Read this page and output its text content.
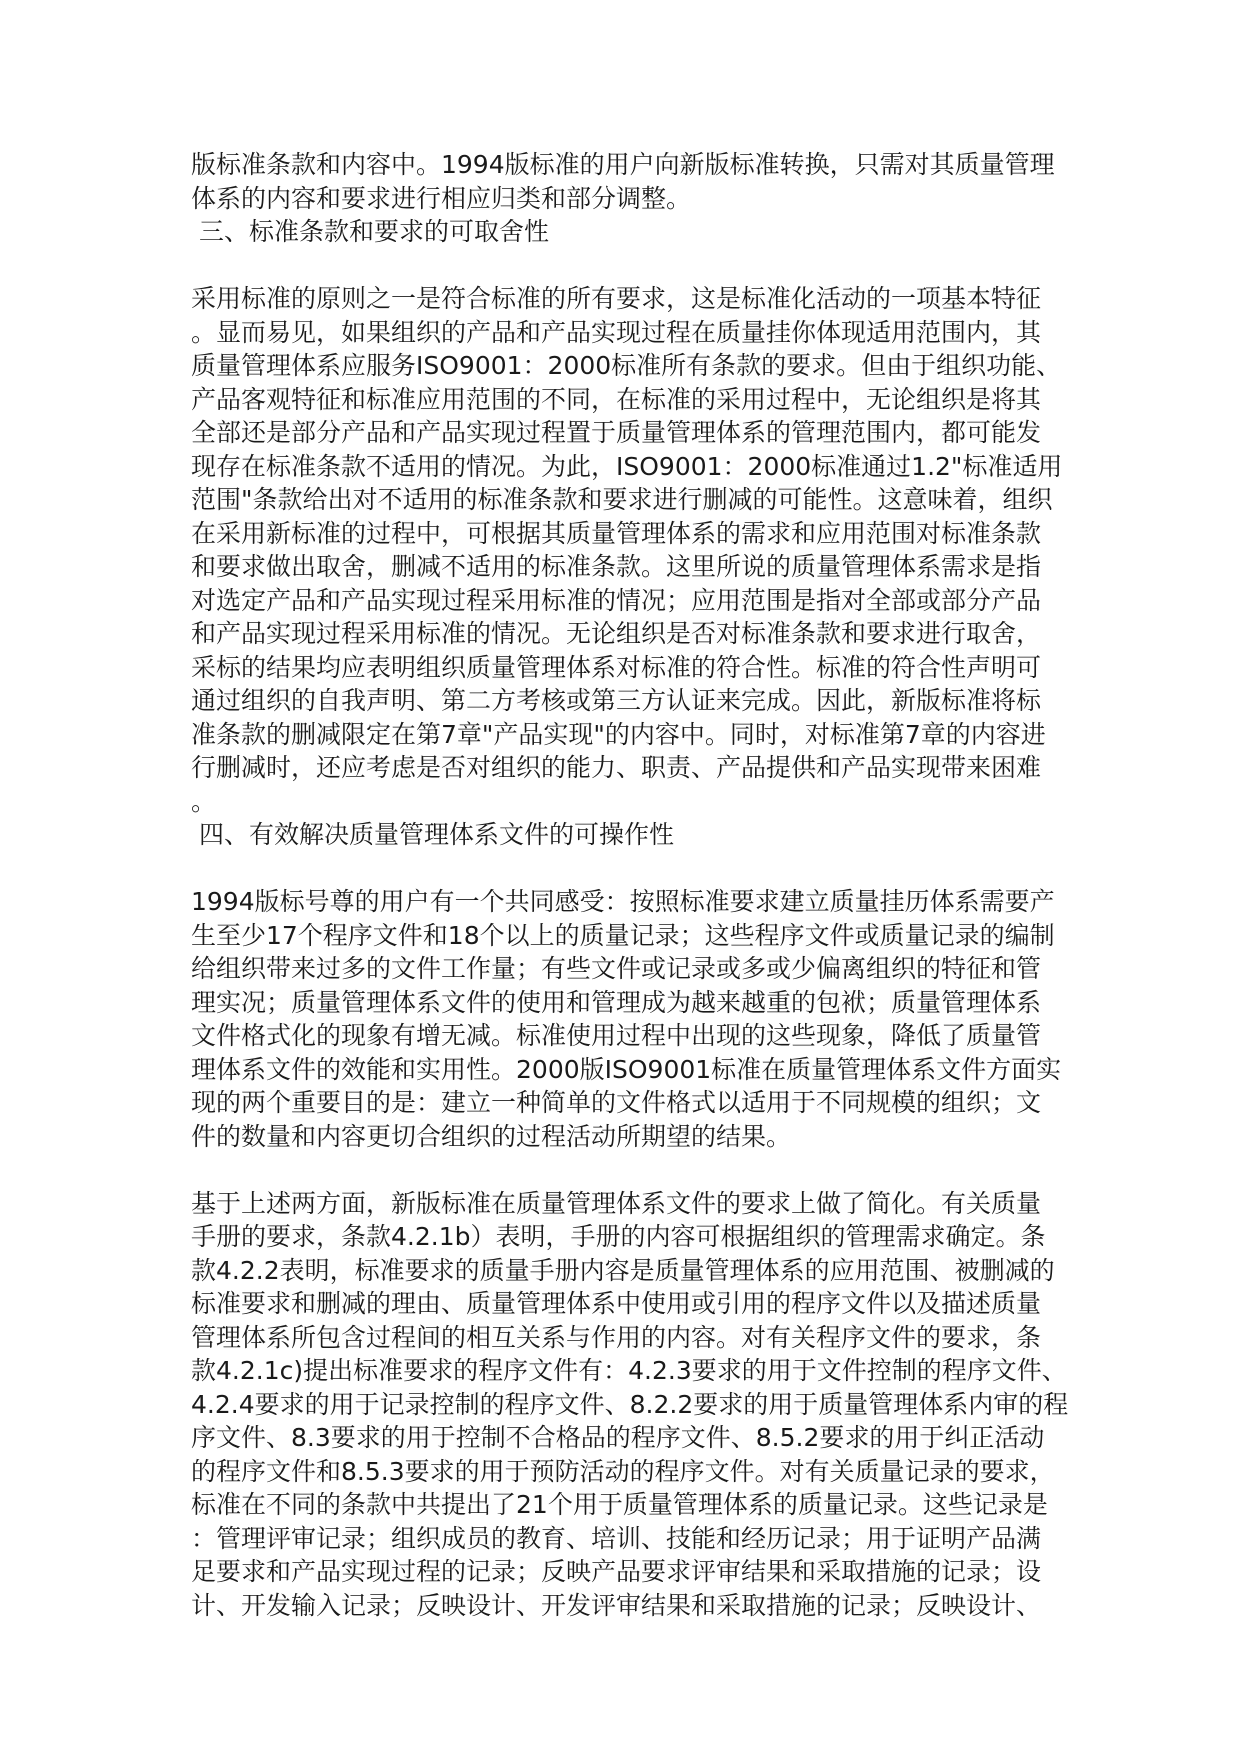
版标准条款和内容中。1994版标准的用户向新版标准转换，只需对其质量管理
体系的内容和要求进行相应归类和部分调整。
三、标准条款和要求的可取舍性
采用标准的原则之一是符合标准的所有要求，这是标准化活动的一项基本特征
。显而易见，如果组织的产品和产品实现过程在质量挂你体现适用范围内，其
质量管理体系应服务ISO9001：2000标准所有条款的要求。但由于组织功能、
产品客观特征和标准应用范围的不同，在标准的采用过程中，无论组织是将其
全部还是部分产品和产品实现过程置于质量管理体系的管理范围内，都可能发
现存在标准条款不适用的情况。为此，ISO9001：2000标准通过1.2"标准适用
范围"条款给出对不适用的标准条款和要求进行删减的可能性。这意味着，组织
在采用新标准的过程中，可根据其质量管理体系的需求和应用范围对标准条款
和要求做出取舍，删减不适用的标准条款。这里所说的质量管理体系需求是指
对选定产品和产品实现过程采用标准的情况；应用范围是指对全部或部分产品
和产品实现过程采用标准的情况。无论组织是否对标准条款和要求进行取舍，
采标的结果均应表明组织质量管理体系对标准的符合性。标准的符合性声明可
通过组织的自我声明、第二方考核或第三方认证来完成。因此，新版标准将标
准条款的删减限定在第7章"产品实现"的内容中。同时，对标准第7章的内容进
行删减时，还应考虑是否对组织的能力、职责、产品提供和产品实现带来困难
。
四、有效解决质量管理体系文件的可操作性
1994版标号尊的用户有一个共同感受：按照标准要求建立质量挂历体系需要产
生至少17个程序文件和18个以上的质量记录；这些程序文件或质量记录的编制
给组织带来过多的文件工作量；有些文件或记录或多或少偏离组织的特征和管
理实况；质量管理体系文件的使用和管理成为越来越重的包袱；质量管理体系
文件格式化的现象有增无减。标准使用过程中出现的这些现象，降低了质量管
理体系文件的效能和实用性。2000版ISO9001标准在质量管理体系文件方面实
现的两个重要目的是：建立一种简单的文件格式以适用于不同规模的组织；文
件的数量和内容更切合组织的过程活动所期望的结果。
基于上述两方面，新版标准在质量管理体系文件的要求上做了简化。有关质量
手册的要求，条款4.2.1b）表明，手册的内容可根据组织的管理需求确定。条
款4.2.2表明，标准要求的质量手册内容是质量管理体系的应用范围、被删减的
标准要求和删减的理由、质量管理体系中使用或引用的程序文件以及描述质量
管理体系所包含过程间的相互关系与作用的内容。对有关程序文件的要求，条
款4.2.1c)提出标准要求的程序文件有：4.2.3要求的用于文件控制的程序文件、
4.2.4要求的用于记录控制的程序文件、8.2.2要求的用于质量管理体系内审的程
序文件、8.3要求的用于控制不合格品的程序文件、8.5.2要求的用于纠正活动
的程序文件和8.5.3要求的用于预防活动的程序文件。对有关质量记录的要求，
标准在不同的条款中共提出了21个用于质量管理体系的质量记录。这些记录是
：管理评审记录；组织成员的教育、培训、技能和经历记录；用于证明产品满
足要求和产品实现过程的记录；反映产品要求评审结果和采取措施的记录；设
计、开发输入记录；反映设计、开发评审结果和采取措施的记录；反映设计、
